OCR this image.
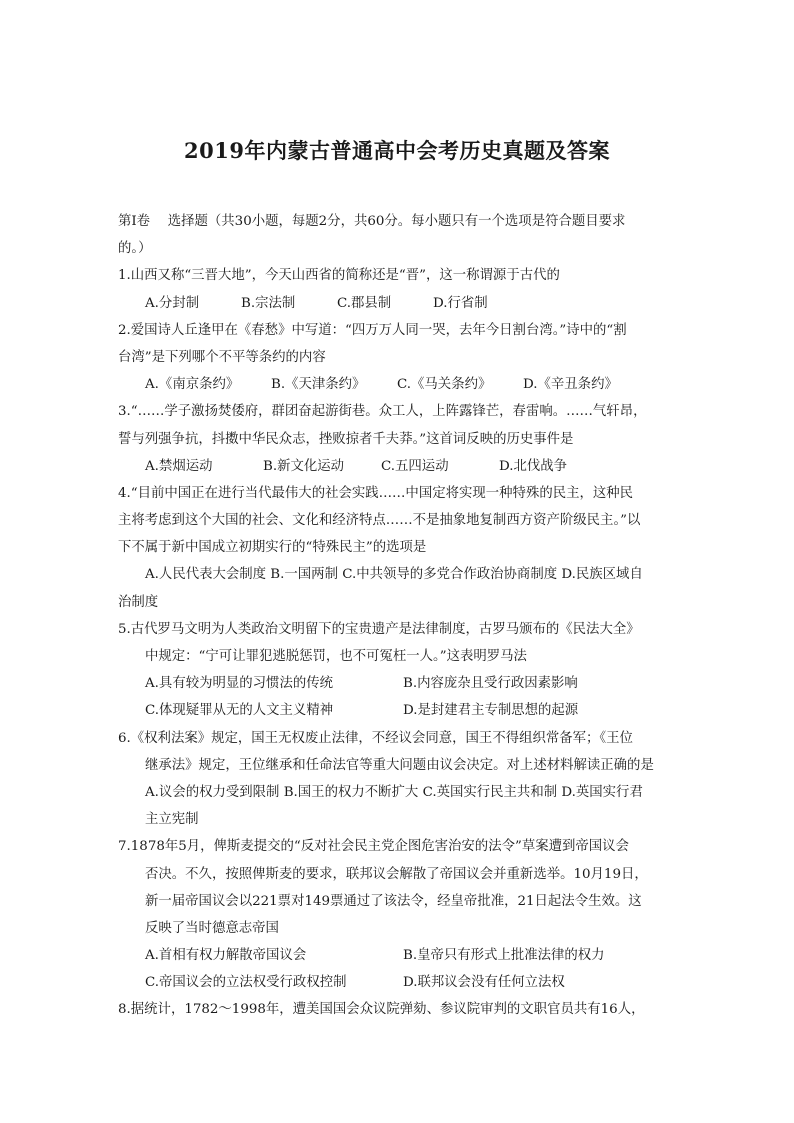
2019年内蒙古普通高中会考历史真题及答案
第Ⅰ卷　 选择题（共30小题，每题2分，共60分。每小题只有一个选项是符合题目要求
的。）
1.山西又称“三晋大地”，今天山西省的简称还是“晋”，这一称谓源于古代的
A.分封制	B.宗法制	C.郡县制	D.行省制
2.爱国诗人丘逢甲在《春愁》中写道：“四万万人同一哭，去年今日割台湾。”诗中的“割
台湾”是下列哪个不平等条约的内容
A.《南京条约》	B.《天津条约》	C.《马关条约》	D.《辛丑条约》
3.“……学子激扬焚倭府，群团奋起游街巷。众工人，上阵露锋芒，春雷响。……气轩昂，
誓与列强争抗，抖擞中华民众志，挫败掠者千夫莽。”这首词反映的历史事件是
A.禁烟运动	B.新文化运动	C.五四运动	D.北伐战争
4.“目前中国正在进行当代最伟大的社会实践……中国定将实现一种特殊的民主，这种民
主将考虑到这个大国的社会、文化和经济特点……不是抽象地复制西方资产阶级民主。”以
下不属于新中国成立初期实行的“特殊民主”的选项是
A.人民代表大会制度 B.一国两制 C.中共领导的多党合作政治协商制度 D.民族区域自
治制度
5.古代罗马文明为人类政治文明留下的宝贵遗产是法律制度，古罗马颁布的《民法大全》
中规定：“宁可让罪犯逃脱惩罚，也不可冤枉一人。”这表明罗马法
A.具有较为明显的习惯法的传统	B.内容庞杂且受行政因素影响
C.体现疑罪从无的人文主义精神	D.是封建君主专制思想的起源
6.《权利法案》规定，国王无权废止法律，不经议会同意，国王不得组织常备军；《王位
继承法》规定，王位继承和任命法官等重大问题由议会决定。对上述材料解读正确的是
A.议会的权力受到限制 B.国王的权力不断扩大 C.英国实行民主共和制 D.英国实行君
主立宪制
7.1878年5月，俾斯麦提交的“反对社会民主党企图危害治安的法令”草案遭到帝国议会
否决。不久，按照俾斯麦的要求，联邦议会解散了帝国议会并重新选举。10月19日，
新一届帝国议会以221票对149票通过了该法令，经皇帝批准，21日起法令生效。这
反映了当时德意志帝国
A.首相有权力解散帝国议会	B.皇帝只有形式上批准法律的权力
C.帝国议会的立法权受行政权控制	D.联邦议会没有任何立法权
8.据统计，1782～1998年，遭美国国会众议院弹劾、参议院审判的文职官员共有16人，
